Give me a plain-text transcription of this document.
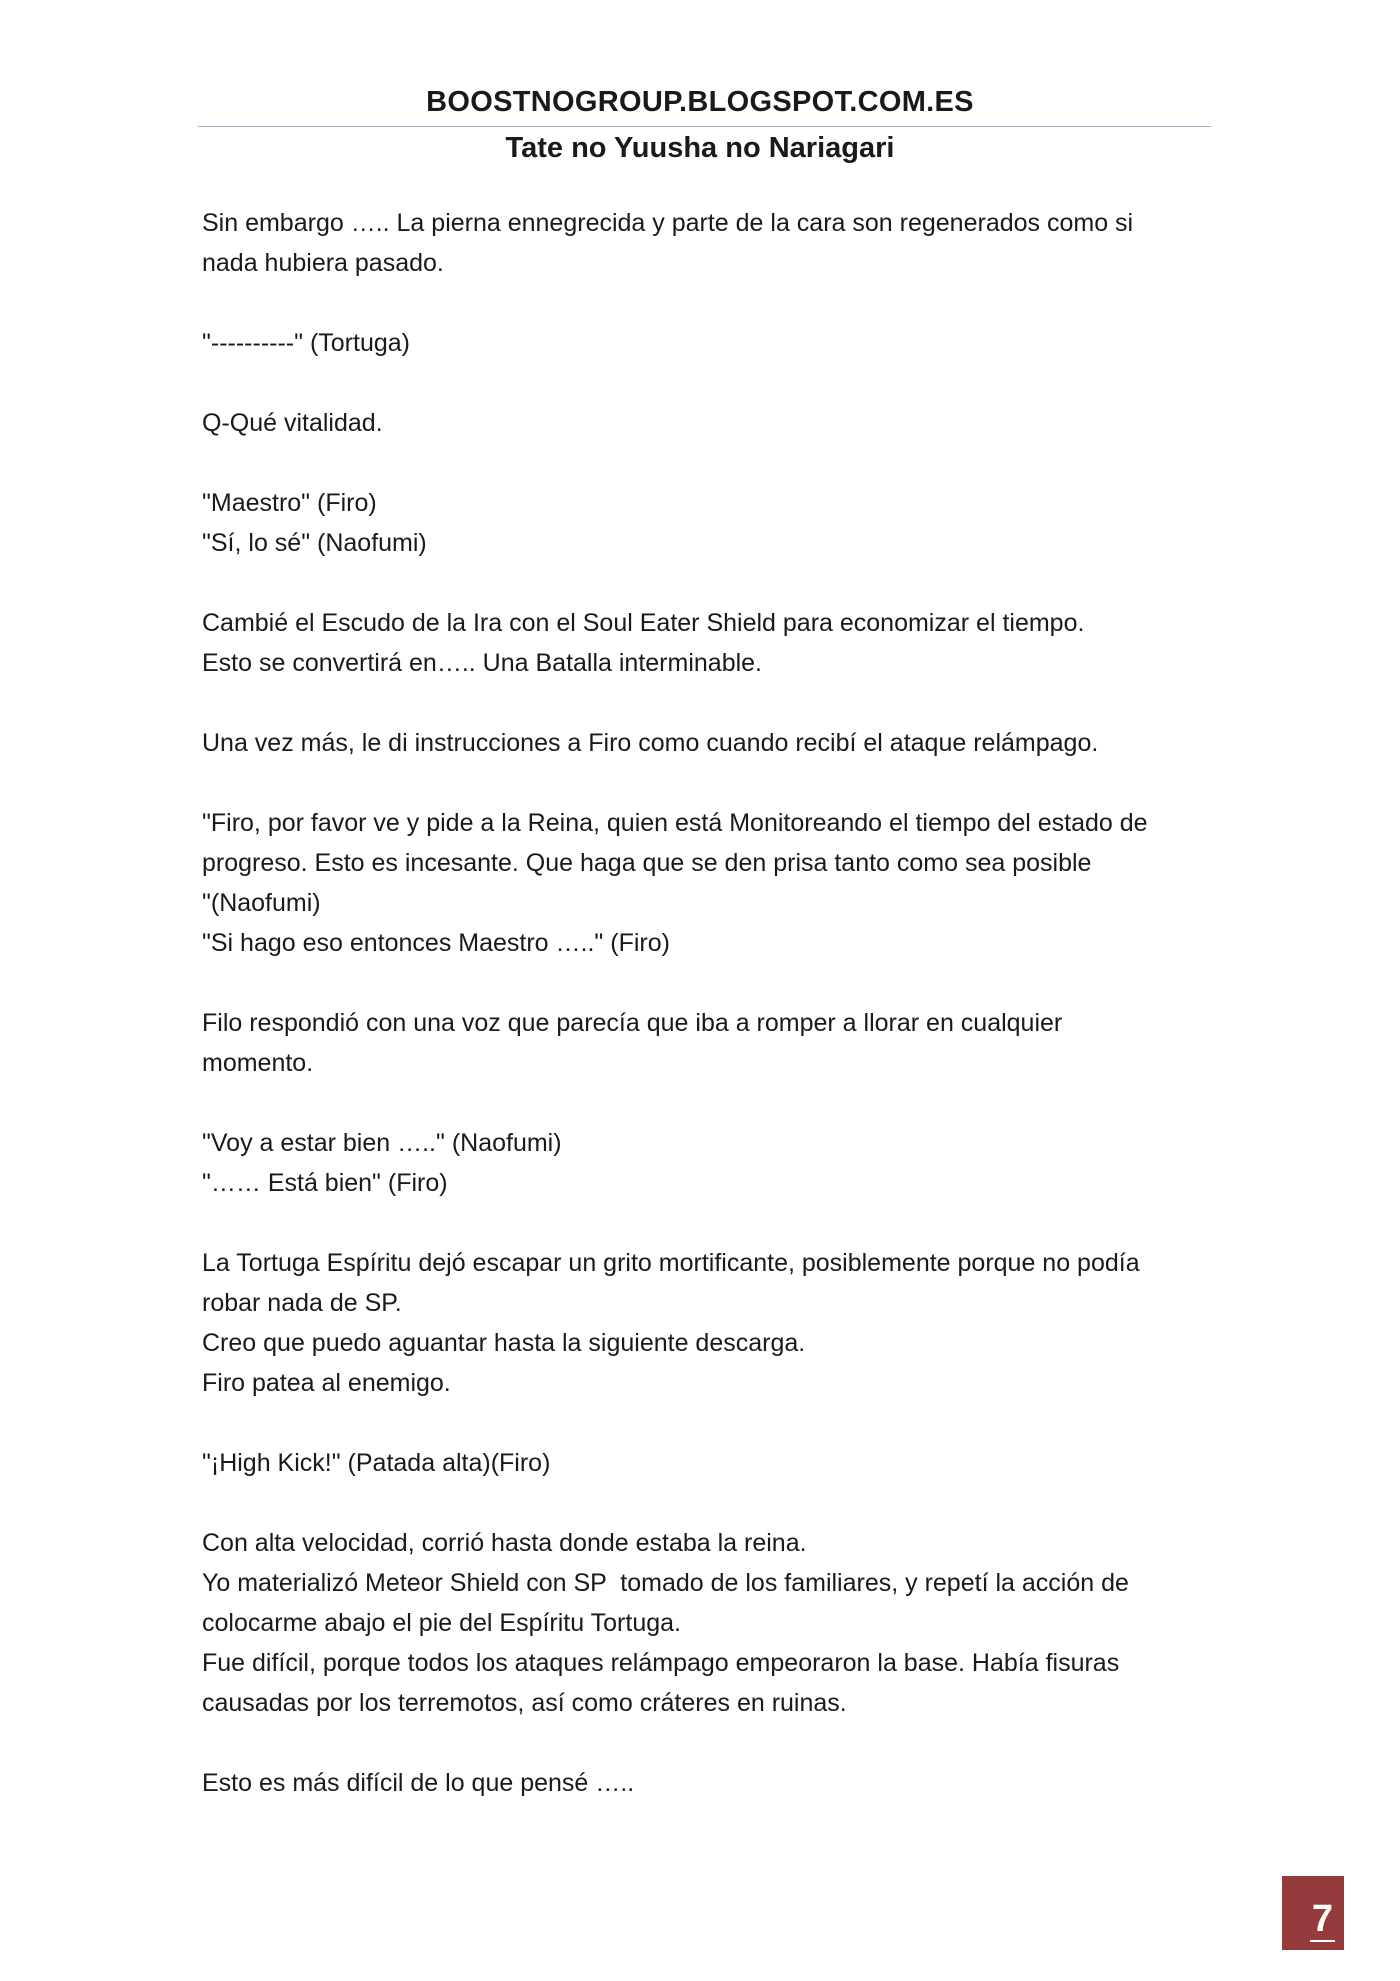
BOOSTNOGROUP.BLOGSPOT.COM.ES
Tate no Yuusha no Nariagari
Sin embargo ….. La pierna ennegrecida y parte de la cara son regenerados como si
nada hubiera pasado.
"----------" (Tortuga)
Q-Qué vitalidad.
"Maestro" (Firo)
"Sí, lo sé" (Naofumi)
Cambié el Escudo de la Ira con el Soul Eater Shield para economizar el tiempo.
Esto se convertirá en….. Una Batalla interminable.
Una vez más, le di instrucciones a Firo como cuando recibí el ataque relámpago.
"Firo, por favor ve y pide a la Reina, quien está Monitoreando el tiempo del estado de
progreso. Esto es incesante. Que haga que se den prisa tanto como sea posible
"(Naofumi)
"Si hago eso entonces Maestro ….." (Firo)
Filo respondió con una voz que parecía que iba a romper a llorar en cualquier
momento.
"Voy a estar bien ….." (Naofumi)
"…… Está bien" (Firo)
La Tortuga Espíritu dejó escapar un grito mortificante, posiblemente porque no podía
robar nada de SP.
Creo que puedo aguantar hasta la siguiente descarga.
Firo patea al enemigo.
"¡High Kick!" (Patada alta)(Firo)
Con alta velocidad, corrió hasta donde estaba la reina.
Yo materializó Meteor Shield con SP  tomado de los familiares, y repetí la acción de
colocarme abajo el pie del Espíritu Tortuga.
Fue difícil, porque todos los ataques relámpago empeoraron la base. Había fisuras
causadas por los terremotos, así como cráteres en ruinas.
Esto es más difícil de lo que pensé …..
7
